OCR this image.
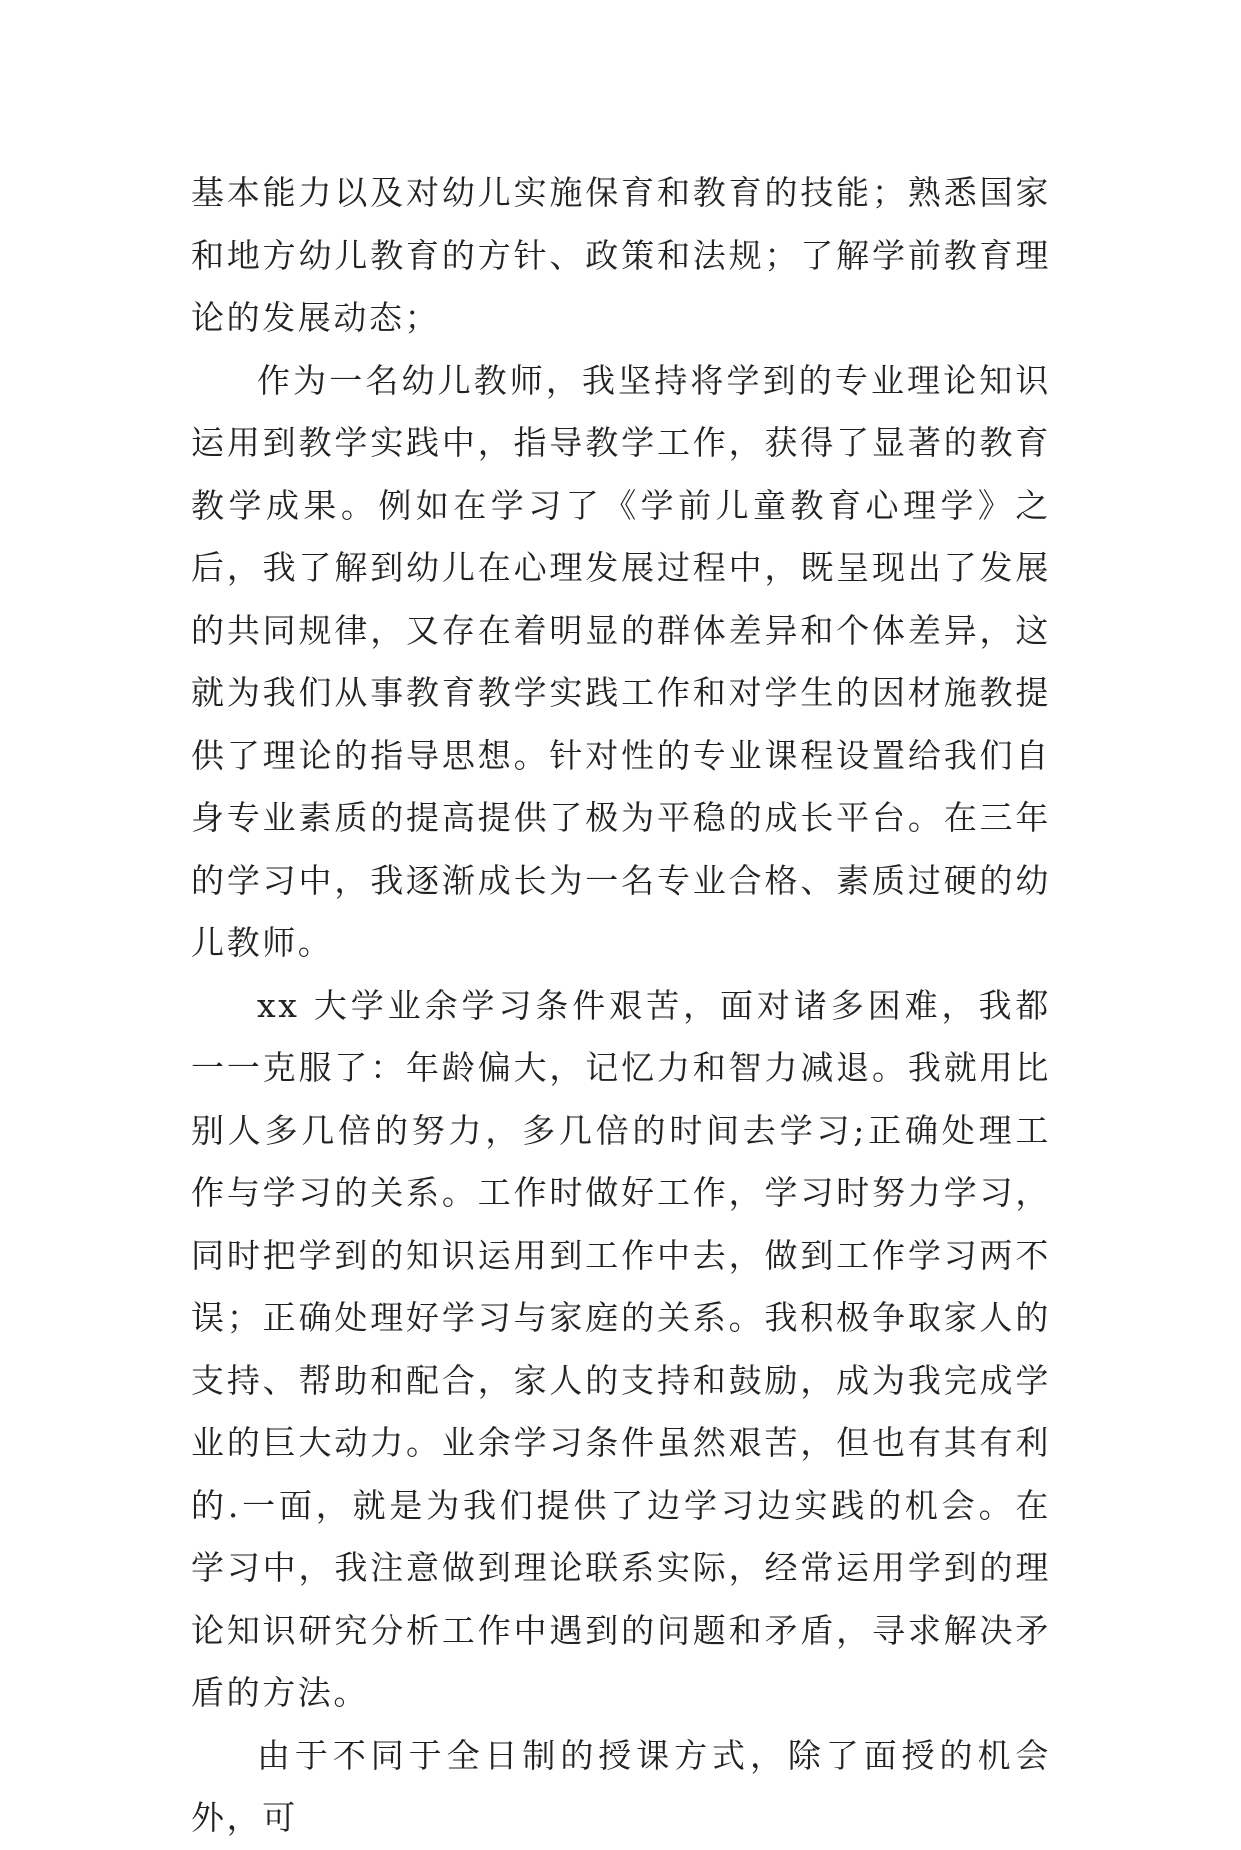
基本能力以及对幼儿实施保育和教育的技能；熟悉国家和地方幼儿教育的方针、政策和法规；了解学前教育理论的发展动态；

作为一名幼儿教师，我坚持将学到的专业理论知识运用到教学实践中，指导教学工作，获得了显著的教育教学成果。例如在学习了《学前儿童教育心理学》之后，我了解到幼儿在心理发展过程中，既呈现出了发展的共同规律，又存在着明显的群体差异和个体差异，这就为我们从事教育教学实践工作和对学生的因材施教提供了理论的指导思想。针对性的专业课程设置给我们自身专业素质的提高提供了极为平稳的成长平台。在三年的学习中，我逐渐成长为一名专业合格、素质过硬的幼儿教师。

xx 大学业余学习条件艰苦，面对诸多困难，我都一一克服了：年龄偏大，记忆力和智力减退。我就用比别人多几倍的努力，多几倍的时间去学习;正确处理工作与学习的关系。工作时做好工作，学习时努力学习，同时把学到的知识运用到工作中去，做到工作学习两不误；正确处理好学习与家庭的关系。我积极争取家人的支持、帮助和配合，家人的支持和鼓励，成为我完成学业的巨大动力。业余学习条件虽然艰苦，但也有其有利的.一面，就是为我们提供了边学习边实践的机会。在学习中，我注意做到理论联系实际，经常运用学到的理论知识研究分析工作中遇到的问题和矛盾，寻求解决矛盾的方法。

由于不同于全日制的授课方式，除了面授的机会外，可
